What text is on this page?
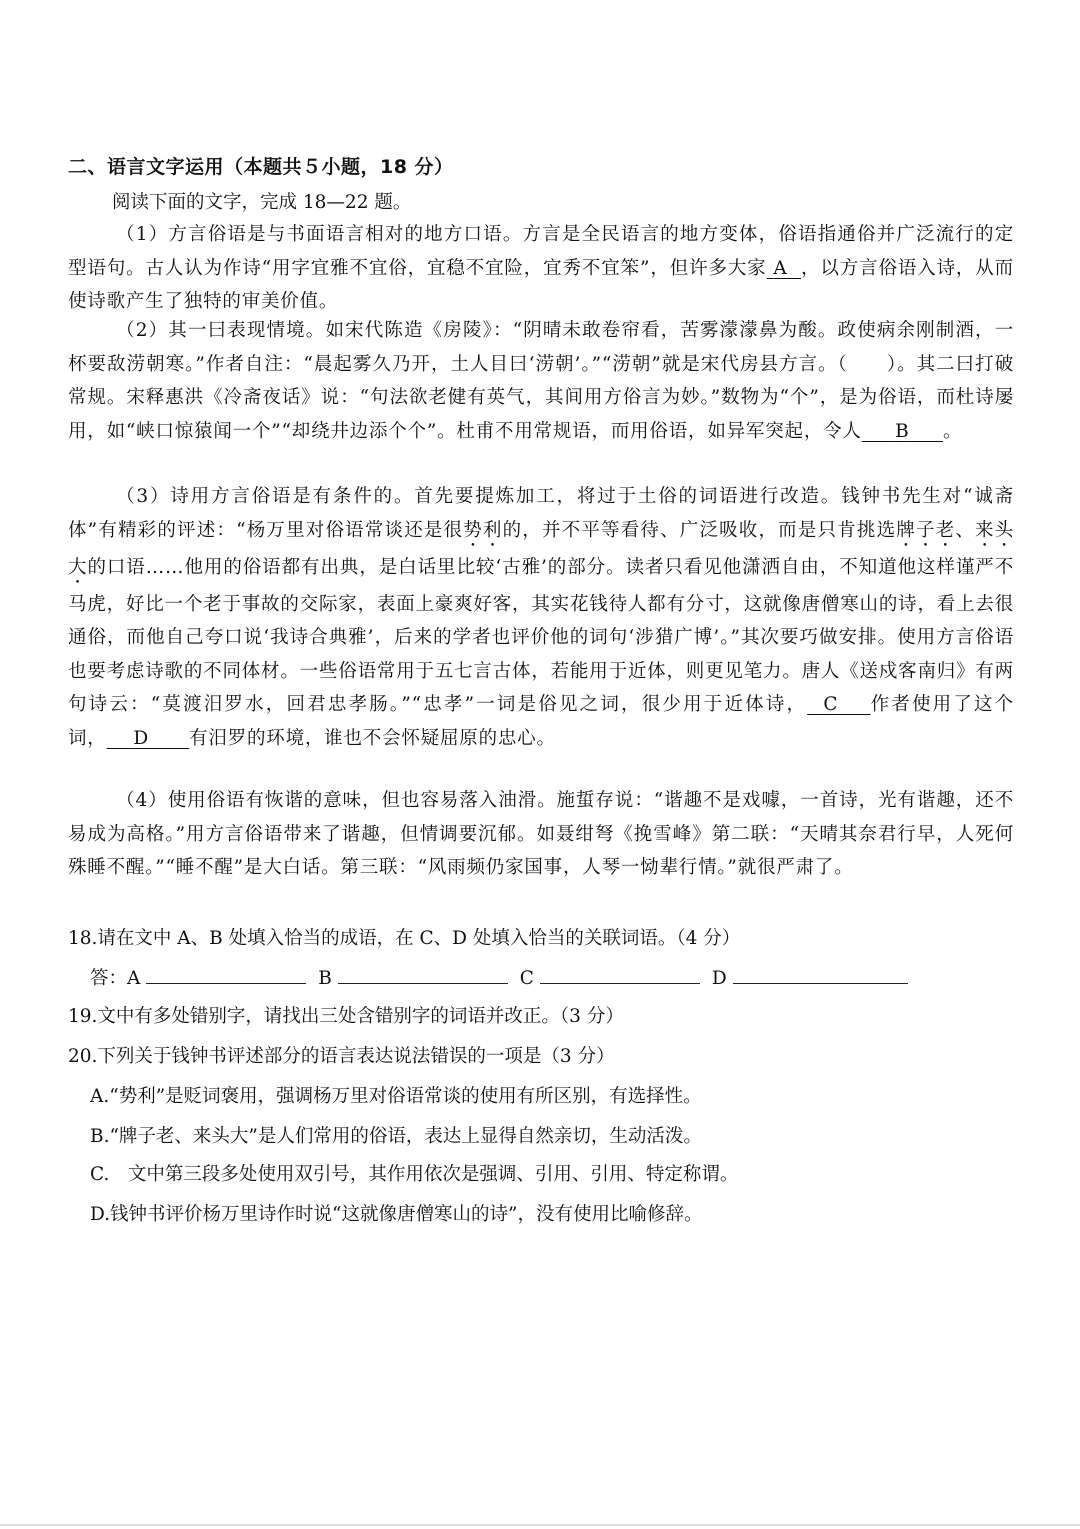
二、语言文字运用（本题共５小题，18 分）
阅读下面的文字，完成 18—22 题。
（1）方言俗语是与书面语言相对的地方口语。方言是全民语言的地方变体，俗语指通俗并广泛流行的定型语句。古人认为作诗“用字宜雅不宜俗，宜稳不宜险，宜秀不宜笨”，但许多大家 A ，以方言俗语入诗，从而使诗歌产生了独特的审美价值。
（2）其一曰表现情境。如宋代陈造《房陵》：“阴晴未敢卷帘看，苦雾濛濛鼻为酸。政使病余刚制酒，一杯要敌涝朝寒。”作者自注：“晨起雾久乃开，土人目曰‘涝朝’。”“涝朝”就是宋代房县方言。（　　）。其二曰打破常规。宋释惠洪《冷斋夜话》说：“句法欲老健有英气，其间用方俗言为妙。”数物为“个”，是为俗语，而杜诗屡用，如“峡口惊猿闻一个”“却绕井边添个个”。杜甫不用常规语，而用俗语，如异军突起，令人 B 。
（3）诗用方言俗语是有条件的。首先要提炼加工，将过于土俗的词语进行改造。钱钟书先生对“诚斋体”有精彩的评述：“杨万里对俗语常谈还是很势利的，并不平等看待、广泛吸收，而是只肯挑选牌子老、来头大的口语……他用的俗语都有出典，是白话里比较‘古雅’的部分。读者只看见他潇洒自由，不知道他这样谨严不马虎，好比一个老于事故的交际家，表面上豪爽好客，其实花钱待人都有分寸，这就像唐僧寒山的诗，看上去很通俗，而他自己夸口说‘我诗合典雅’，后来的学者也评价他的词句‘涉猎广博’。”其次要巧做安排。使用方言俗语也要考虑诗歌的不同体材。一些俗语常用于五七言古体，若能用于近体，则更见笔力。唐人《送戍客南归》有两句诗云：“莫渡汨罗水，回君忠孝肠。”“忠孝”一词是俗见之词，很少用于近体诗， C 作者使用了这个词， D 有汨罗的环境，谁也不会怀疑屈原的忠心。
（4）使用俗语有恢谐的意味，但也容易落入油滑。施蜇存说：“谐趣不是戏噱，一首诗，光有谐趣，还不易成为高格。”用方言俗语带来了谐趣，但情调要沉郁。如聂绀弩《挽雪峰》第二联：“天晴其奈君行早，人死何殊睡不醒。”“睡不醒”是大白话。第三联：“风雨频仍家国事，人琴一恸辈行情。”就很严肃了。
18.请在文中 A、B 处填入恰当的成语，在 C、D 处填入恰当的关联词语。（4 分）
答：A	B	C	D
19.文中有多处错别字，请找出三处含错别字的词语并改正。（3 分）
20.下列关于钱钟书评述部分的语言表达说法错误的一项是（3 分）
A.“势利”是贬词褒用，强调杨万里对俗语常谈的使用有所区别，有选择性。
B.“牌子老、来头大”是人们常用的俗语，表达上显得自然亲切，生动活泼。
C.　文中第三段多处使用双引号，其作用依次是强调、引用、引用、特定称谓。
D.钱钟书评价杨万里诗作时说“这就像唐僧寒山的诗”，没有使用比喻修辞。
